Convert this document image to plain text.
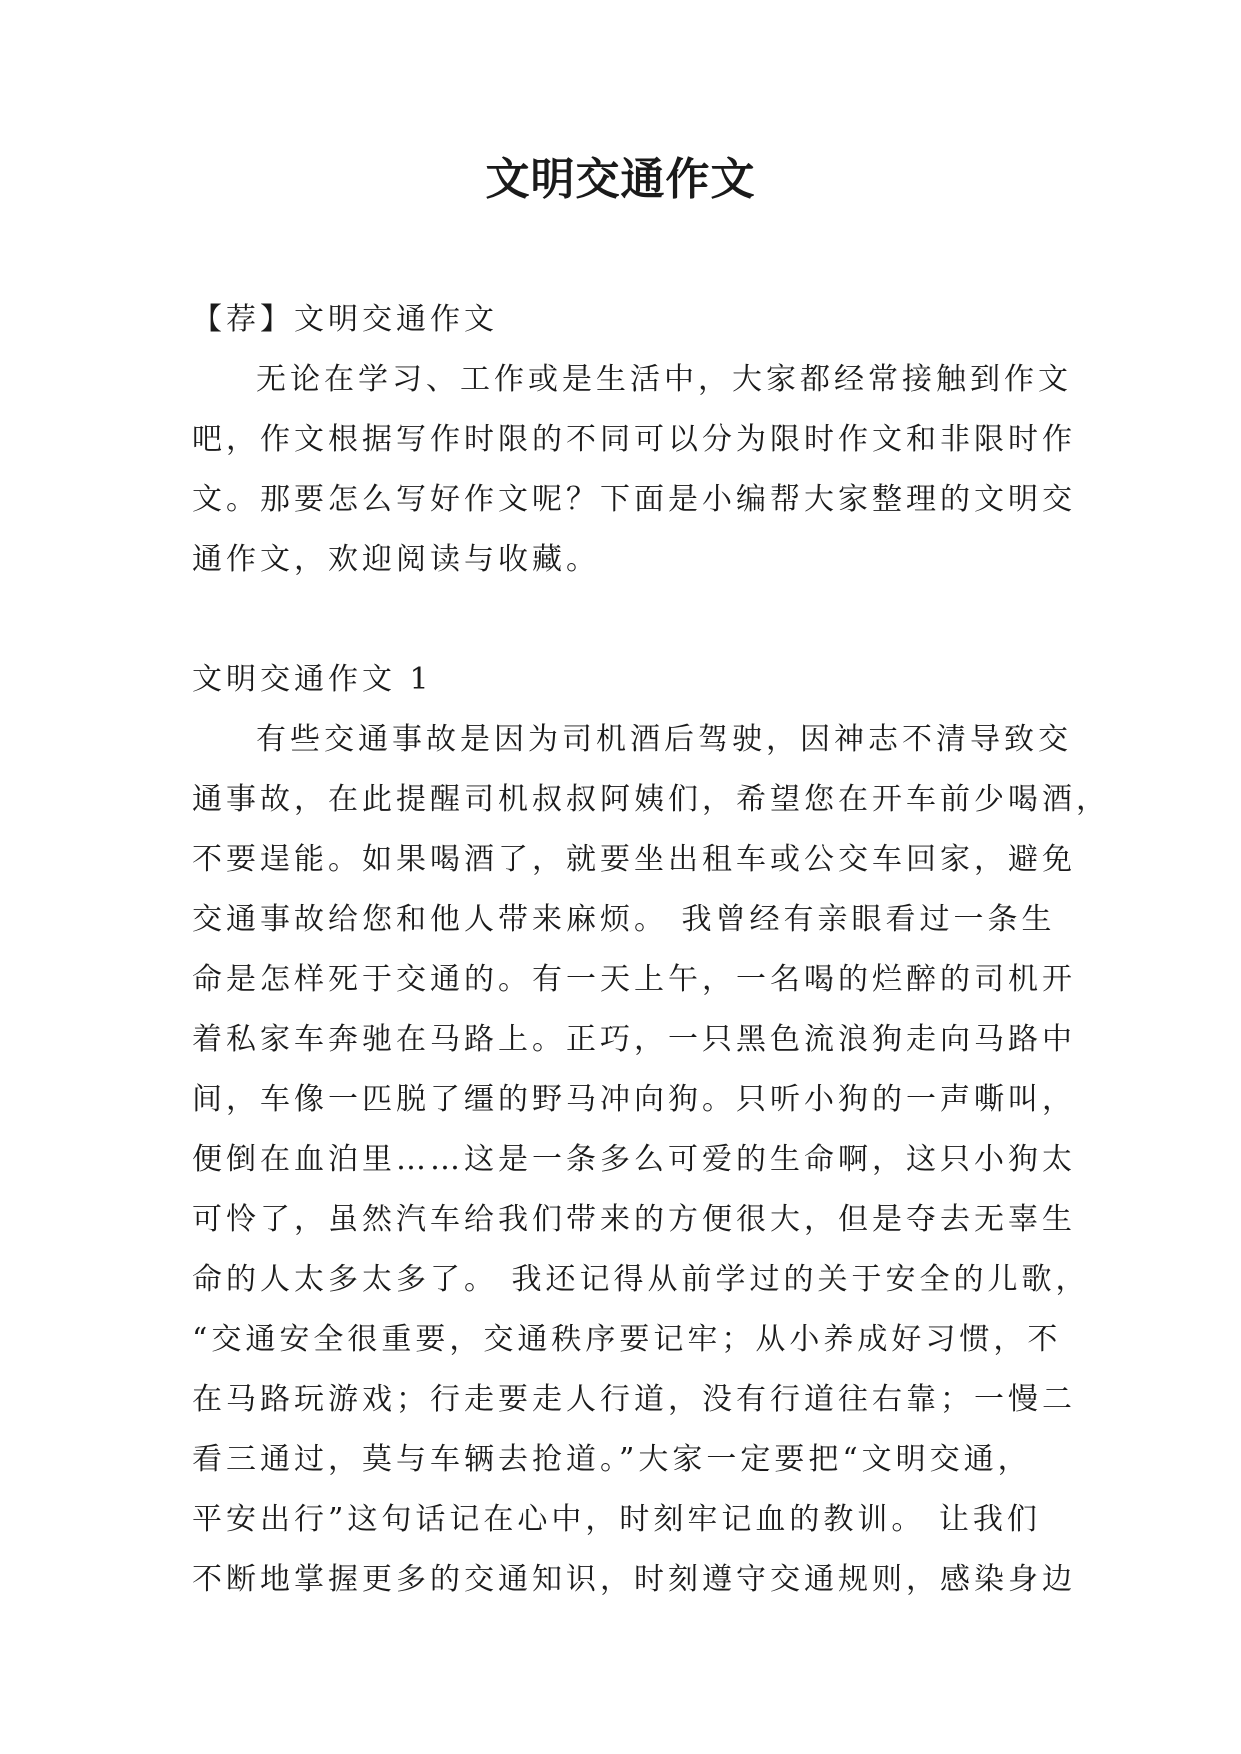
文明交通作文
【荐】文明交通作文
无论在学习、工作或是生活中，大家都经常接触到作文
吧，作文根据写作时限的不同可以分为限时作文和非限时作
文。那要怎么写好作文呢？下面是小编帮大家整理的文明交
通作文，欢迎阅读与收藏。
文明交通作文 1
有些交通事故是因为司机酒后驾驶，因神志不清导致交
通事故，在此提醒司机叔叔阿姨们，希望您在开车前少喝酒，
不要逞能。如果喝酒了，就要坐出租车或公交车回家，避免
交通事故给您和他人带来麻烦。 我曾经有亲眼看过一条生
命是怎样死于交通的。有一天上午，一名喝的烂醉的司机开
着私家车奔驰在马路上。正巧，一只黑色流浪狗走向马路中
间，车像一匹脱了缰的野马冲向狗。只听小狗的一声嘶叫，
便倒在血泊里……这是一条多么可爱的生命啊，这只小狗太
可怜了，虽然汽车给我们带来的方便很大，但是夺去无辜生
命的人太多太多了。 我还记得从前学过的关于安全的儿歌，
“交通安全很重要，交通秩序要记牢；从小养成好习惯，不
在马路玩游戏；行走要走人行道，没有行道往右靠；一慢二
看三通过，莫与车辆去抢道。”大家一定要把“文明交通，
平安出行”这句话记在心中，时刻牢记血的教训。 让我们
不断地掌握更多的交通知识，时刻遵守交通规则，感染身边
